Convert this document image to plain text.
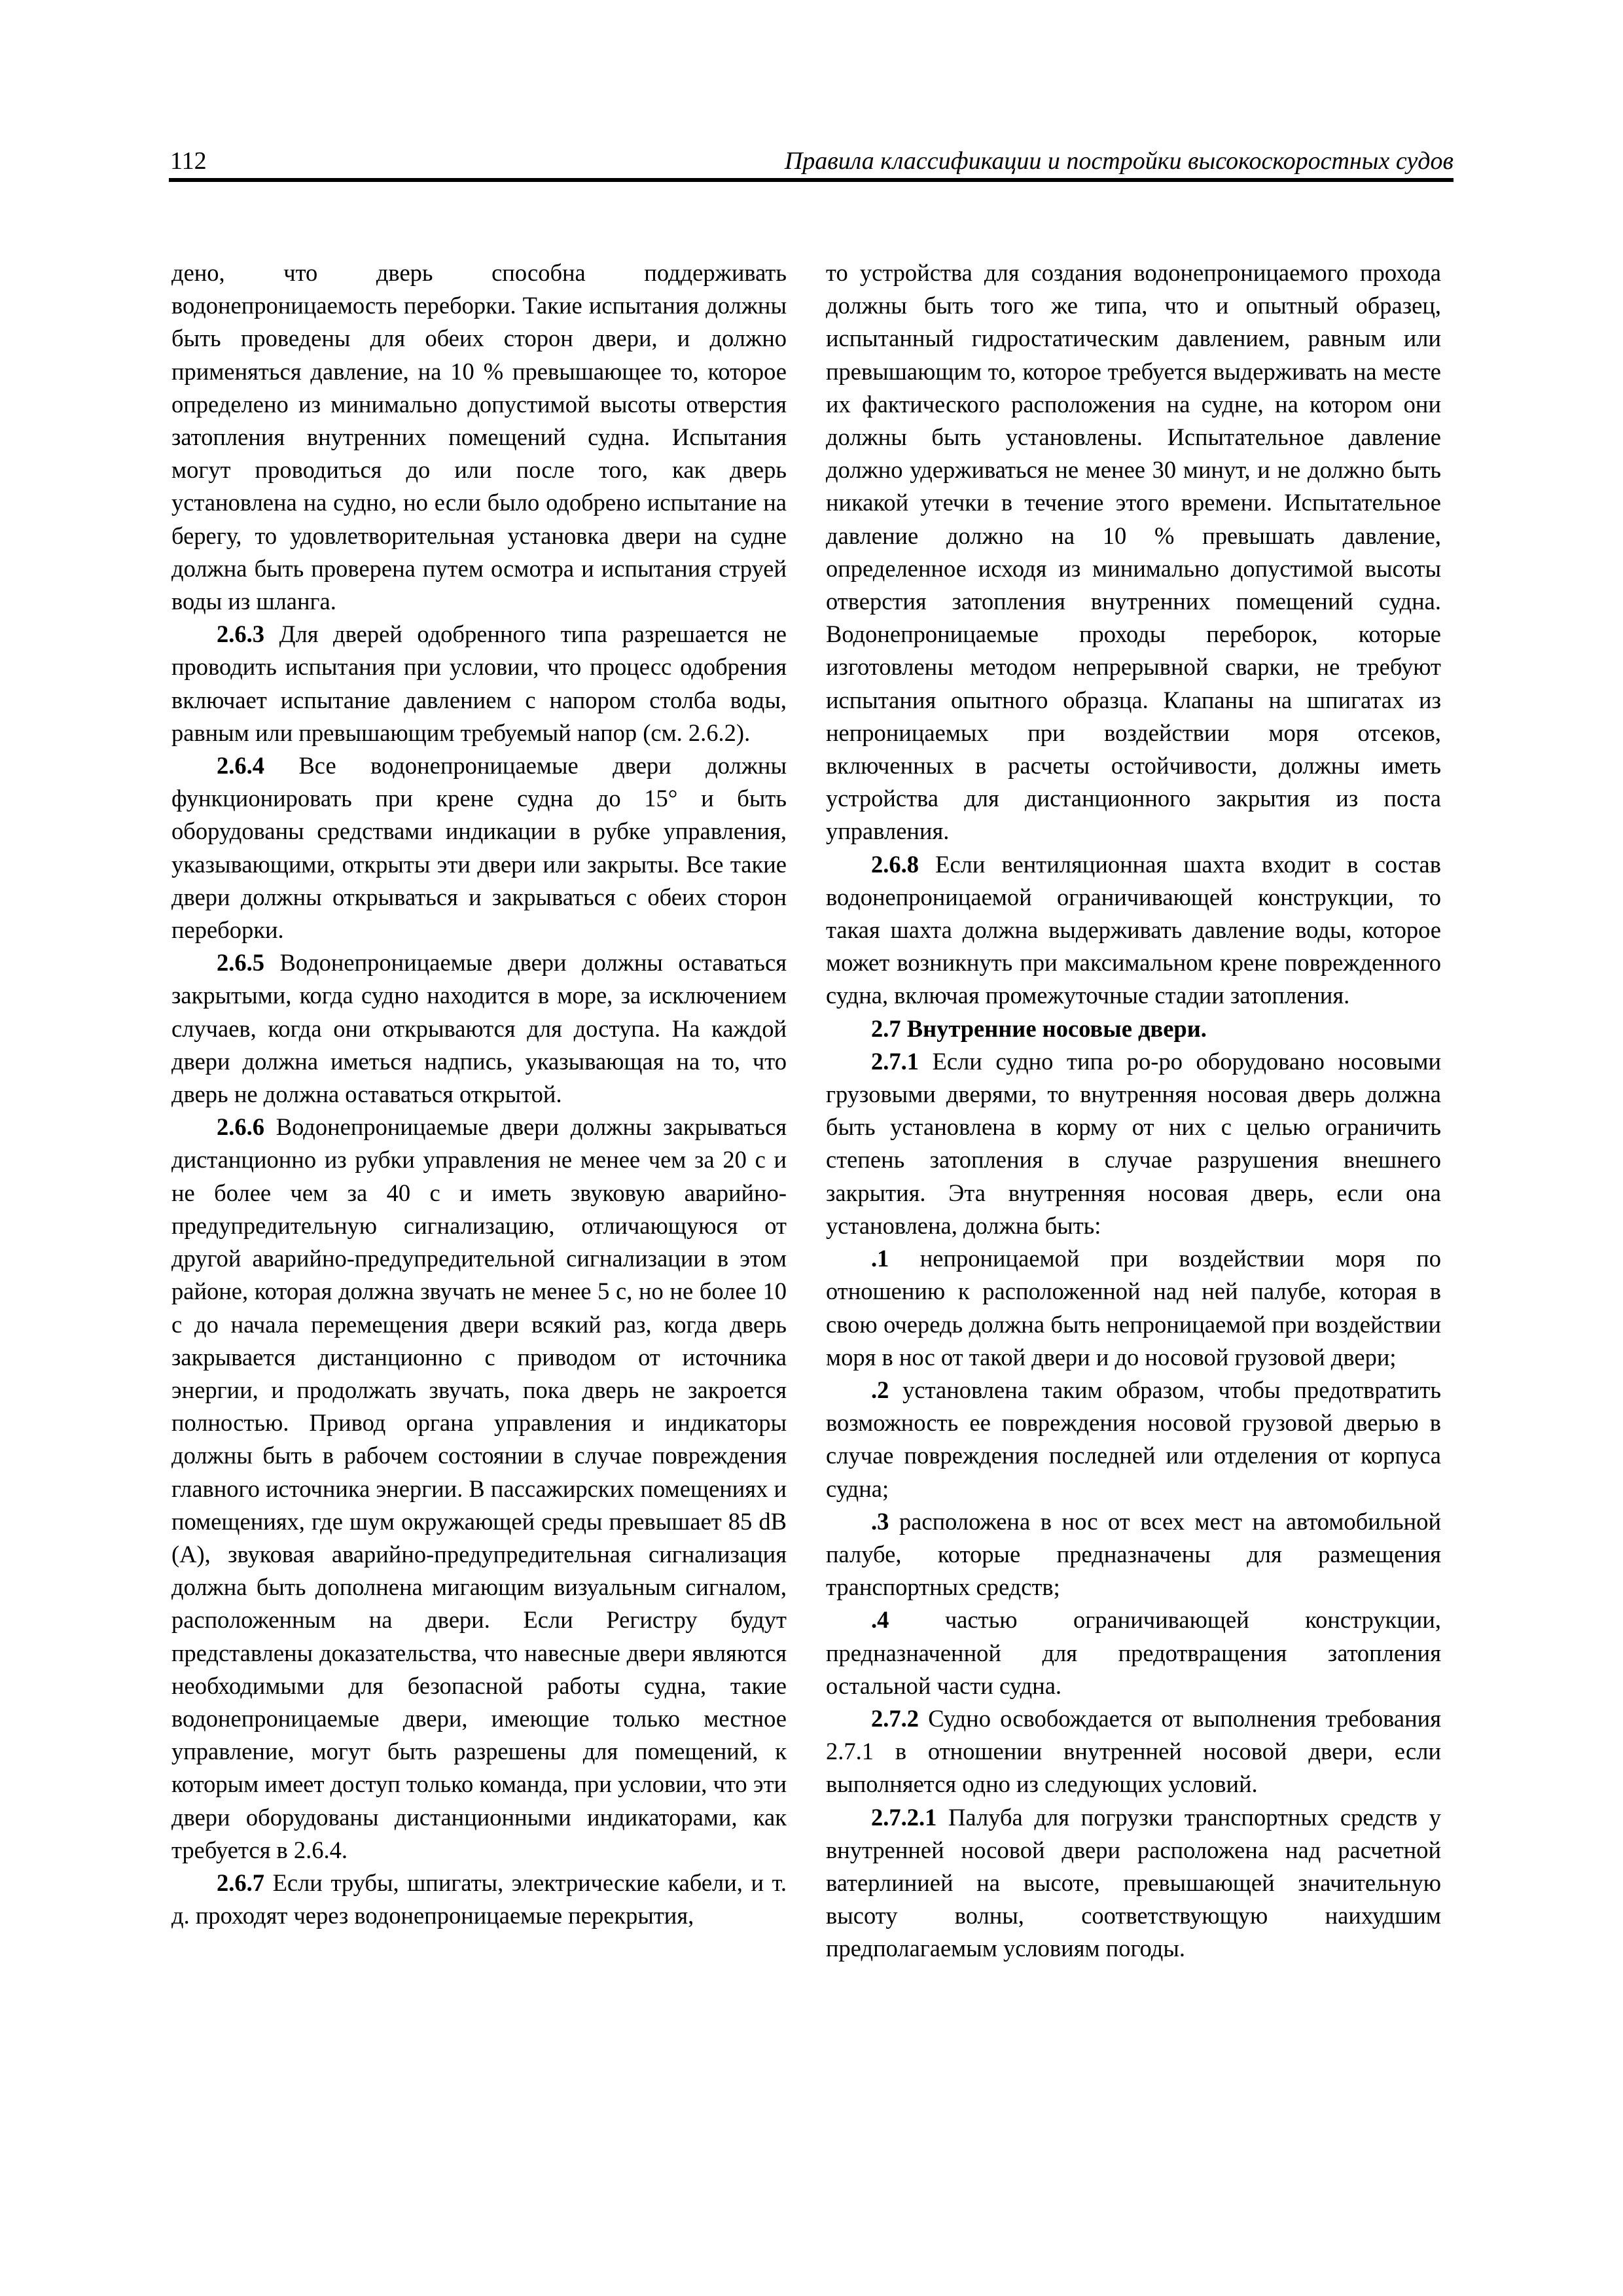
112	Правила классификации и постройки высокоскоростных судов

дено, что дверь способна поддерживать водонепроницаемость переборки. Такие испытания должны быть проведены для обеих сторон двери, и должно применяться давление, на 10 % превышающее то, которое определено из минимально допустимой высоты отверстия затопления внутренних помещений судна. Испытания могут проводиться до или после того, как дверь установлена на судно, но если было одобрено испытание на берегу, то удовлетворительная установка двери на судне должна быть проверена путем осмотра и испытания струей воды из шланга.

2.6.3 Для дверей одобренного типа разрешается не проводить испытания при условии, что процесс одобрения включает испытание давлением с напором столба воды, равным или превышающим требуемый напор (см. 2.6.2).

2.6.4 Все водонепроницаемые двери должны функционировать при крене судна до 15° и быть оборудованы средствами индикации в рубке управления, указывающими, открыты эти двери или закрыты. Все такие двери должны открываться и закрываться с обеих сторон переборки.

2.6.5 Водонепроницаемые двери должны оставаться закрытыми, когда судно находится в море, за исключением случаев, когда они открываются для доступа. На каждой двери должна иметься надпись, указывающая на то, что дверь не должна оставаться открытой.

2.6.6 Водонепроницаемые двери должны закрываться дистанционно из рубки управления не менее чем за 20 с и не более чем за 40 с и иметь звуковую аварийно-предупредительную сигнализацию, отличающуюся от другой аварийно-предупредительной сигнализации в этом районе, которая должна звучать не менее 5 с, но не более 10 с до начала перемещения двери всякий раз, когда дверь закрывается дистанционно с приводом от источника энергии, и продолжать звучать, пока дверь не закроется полностью. Привод органа управления и индикаторы должны быть в рабочем состоянии в случае повреждения главного источника энергии. В пассажирских помещениях и помещениях, где шум окружающей среды превышает 85 dB (A), звуковая аварийно-предупредительная сигнализация должна быть дополнена мигающим визуальным сигналом, расположенным на двери. Если Регистру будут представлены доказательства, что навесные двери являются необходимыми для безопасной работы судна, такие водонепроницаемые двери, имеющие только местное управление, могут быть разрешены для помещений, к которым имеет доступ только команда, при условии, что эти двери оборудованы дистанционными индикаторами, как требуется в 2.6.4.

2.6.7 Если трубы, шпигаты, электрические кабели, и т. д. проходят через водонепроницаемые перекрытия,

то устройства для создания водонепроницаемого прохода должны быть того же типа, что и опытный образец, испытанный гидростатическим давлением, равным или превышающим то, которое требуется выдерживать на месте их фактического расположения на судне, на котором они должны быть установлены. Испытательное давление должно удерживаться не менее 30 минут, и не должно быть никакой утечки в течение этого времени. Испытательное давление должно на 10 % превышать давление, определенное исходя из минимально допустимой высоты отверстия затопления внутренних помещений судна. Водонепроницаемые проходы переборок, которые изготовлены методом непрерывной сварки, не требуют испытания опытного образца. Клапаны на шпигатах из непроницаемых при воздействии моря отсеков, включенных в расчеты остойчивости, должны иметь устройства для дистанционного закрытия из поста управления.

2.6.8 Если вентиляционная шахта входит в состав водонепроницаемой ограничивающей конструкции, то такая шахта должна выдерживать давление воды, которое может возникнуть при максимальном крене поврежденного судна, включая промежуточные стадии затопления.

2.7 Внутренние носовые двери.

2.7.1 Если судно типа ро-ро оборудовано носовыми грузовыми дверями, то внутренняя носовая дверь должна быть установлена в корму от них с целью ограничить степень затопления в случае разрушения внешнего закрытия. Эта внутренняя носовая дверь, если она установлена, должна быть:

.1 непроницаемой при воздействии моря по отношению к расположенной над ней палубе, которая в свою очередь должна быть непроницаемой при воздействии моря в нос от такой двери и до носовой грузовой двери;

.2 установлена таким образом, чтобы предотвратить возможность ее повреждения носовой грузовой дверью в случае повреждения последней или отделения от корпуса судна;

.3 расположена в нос от всех мест на автомобильной палубе, которые предназначены для размещения транспортных средств;

.4 частью ограничивающей конструкции, предназначенной для предотвращения затопления остальной части судна.

2.7.2 Судно освобождается от выполнения требования 2.7.1 в отношении внутренней носовой двери, если выполняется одно из следующих условий.

2.7.2.1 Палуба для погрузки транспортных средств у внутренней носовой двери расположена над расчетной ватерлинией на высоте, превышающей значительную высоту волны, соответствующую наихудшим предполагаемым условиям погоды.
